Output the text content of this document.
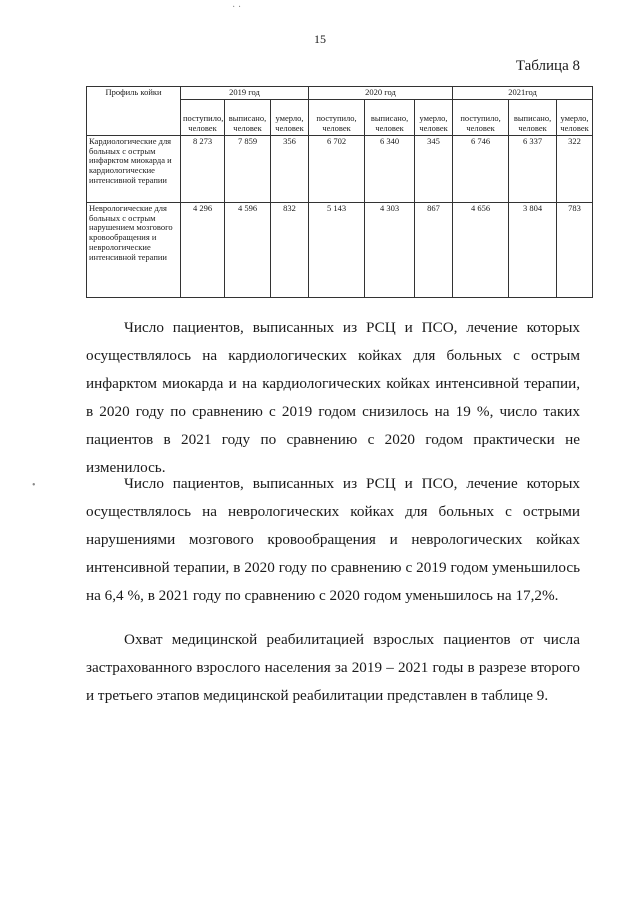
15
Таблица 8
Профиль койки	2019 год			2020 год			2021год		
	поступило, человек	выписано, человек	умерло, человек	поступило, человек	выписано, человек	умерло, человек	поступило, человек	выписано, человек	умерло, человек
Кардиологические для больных с острым инфарктом миокарда и кардиологические интенсивной терапии	8 273	7 859	356	6 702	6 340	345	6 746	6 337	322
Неврологические для больных с острым нарушением мозгового кровообращения и неврологические интенсивной терапии	4 296	4 596	832	5 143	4 303	867	4 656	3 804	783

Число пациентов, выписанных из РСЦ и ПСО, лечение которых осуществлялось на кардиологических койках для больных с острым инфарктом миокарда и на кардиологических койках интенсивной терапии, в 2020 году по сравнению с 2019 годом снизилось на 19 %, число таких пациентов в 2021 году по сравнению с 2020 годом практически не изменилось.

Число пациентов, выписанных из РСЦ и ПСО, лечение которых осуществлялось на неврологических койках для больных с острыми нарушениями мозгового кровообращения и неврологических койках интенсивной терапии, в 2020 году по сравнению с 2019 годом уменьшилось на 6,4 %, в 2021 году по сравнению с 2020 годом уменьшилось на 17,2%.

Охват медицинской реабилитацией взрослых пациентов от числа застрахованного взрослого населения за 2019 – 2021 годы в разрезе второго и третьего этапов медицинской реабилитации представлен в таблице 9.

•
· ·
